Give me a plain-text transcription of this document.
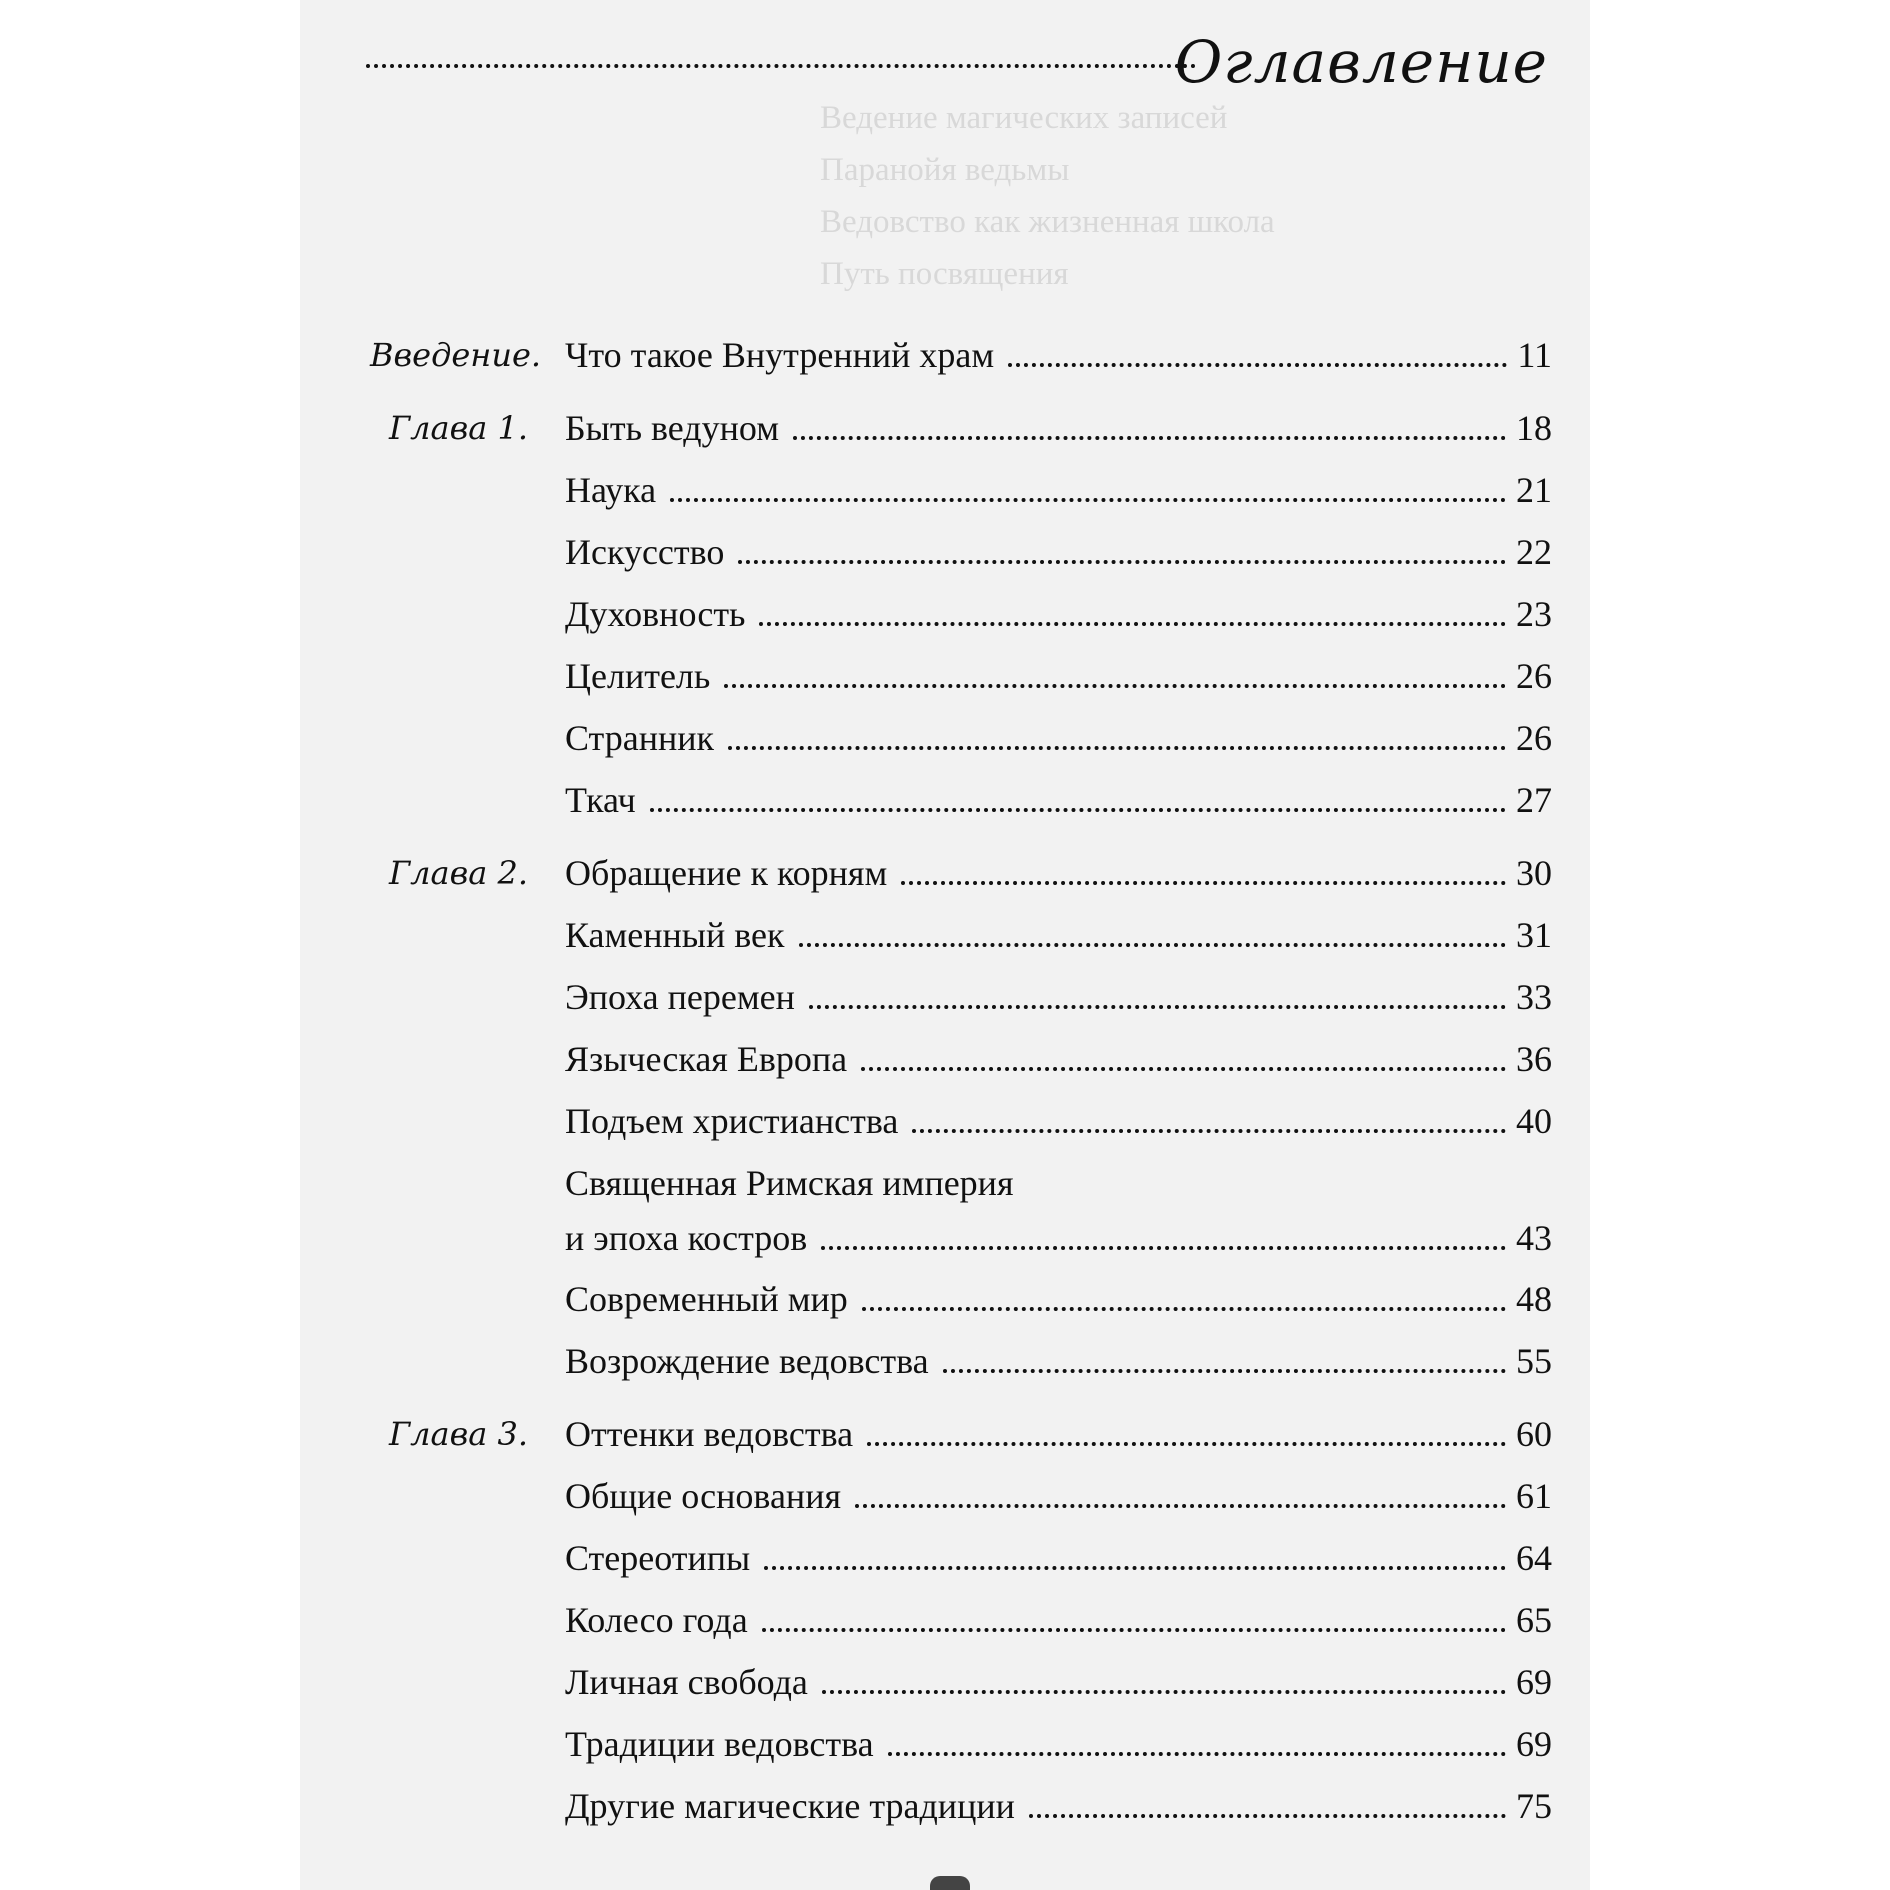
Оглавление
Ведение магических записей
Паранойя ведьмы
Ведовство как жизненная школа
Путь посвящения
Введение. Что такое Внутренний храм	11
Глава 1. Быть ведуном	18
Наука	21
Искусство	22
Духовность	23
Целитель	26
Странник	26
Ткач	27
Глава 2. Обращение к корням	30
Каменный век	31
Эпоха перемен	33
Языческая Европа	36
Подъем христианства	40
Священная Римская империя
и эпоха костров	43
Современный мир	48
Возрождение ведовства	55
Глава 3. Оттенки ведовства	60
Общие основания	61
Стереотипы	64
Колесо года	65
Личная свобода	69
Традиции ведовства	69
Другие магические традиции	75
